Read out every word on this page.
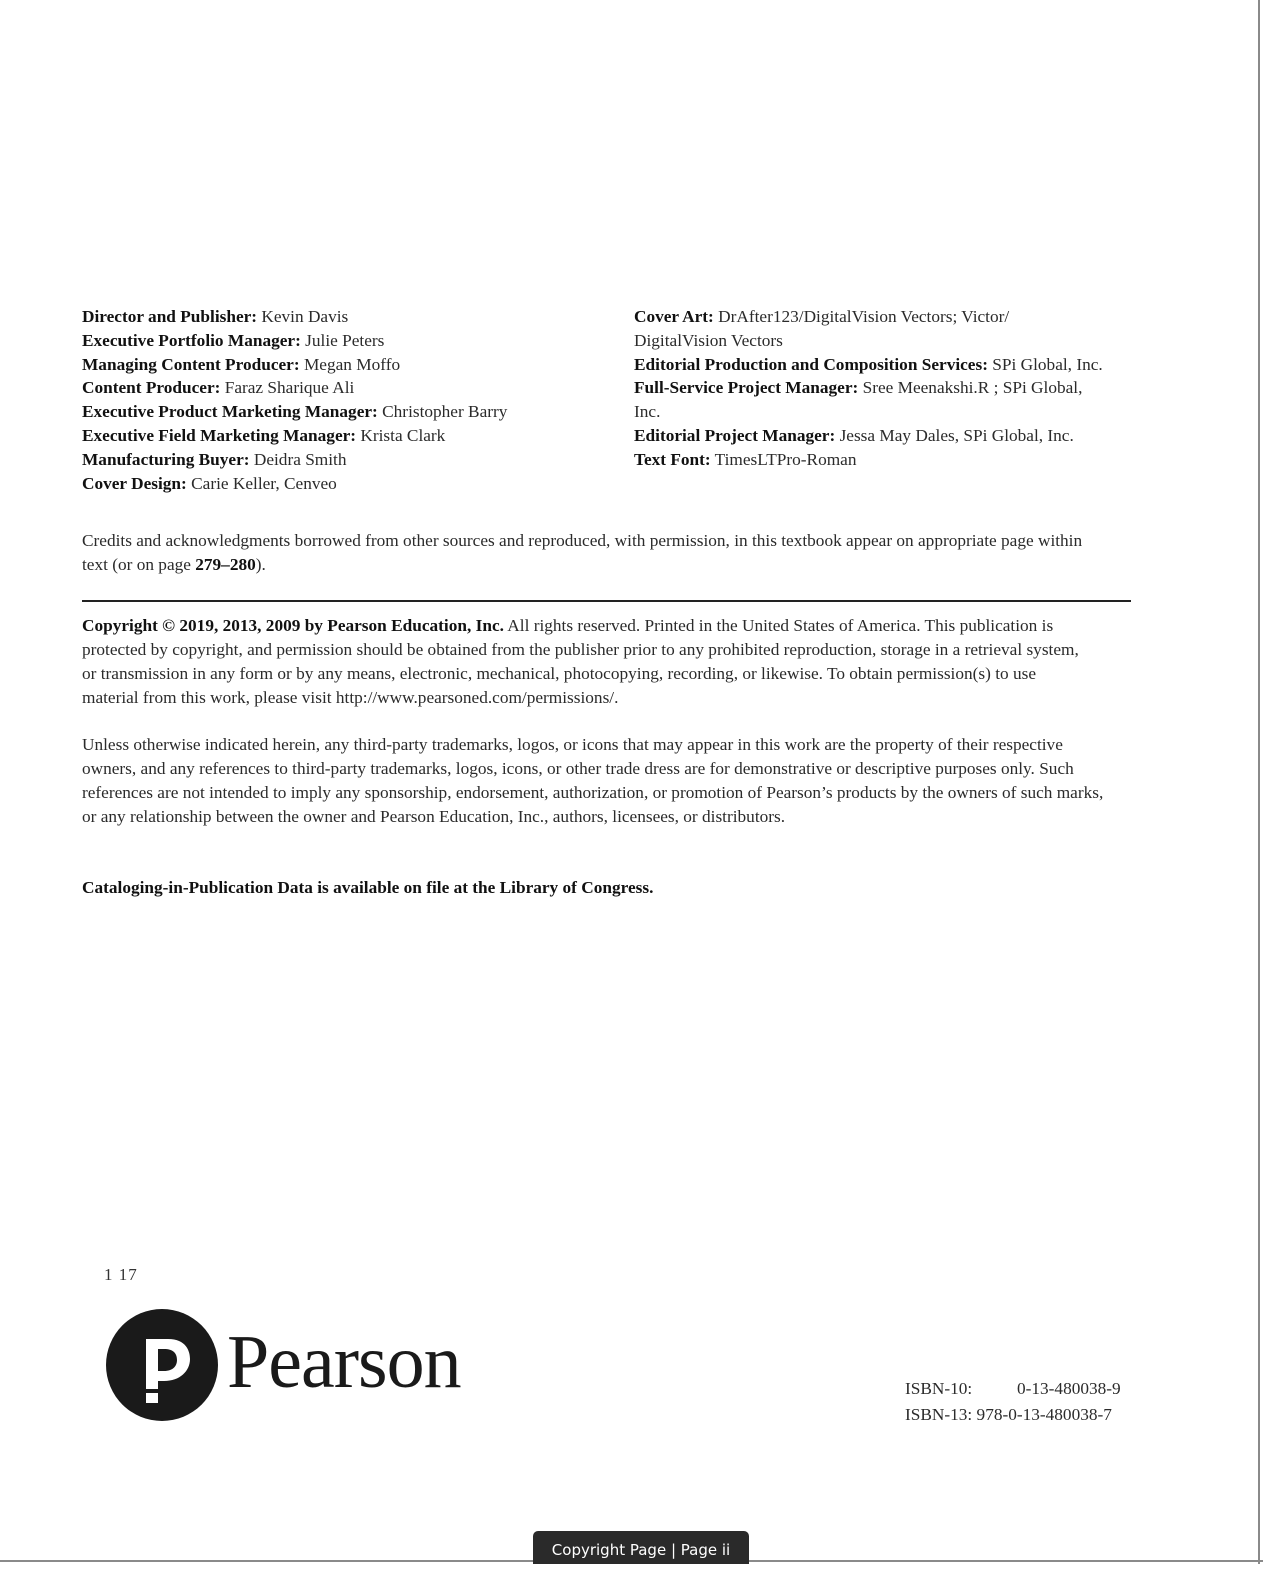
Director and Publisher: Kevin Davis
Executive Portfolio Manager: Julie Peters
Managing Content Producer: Megan Moffo
Content Producer: Faraz Sharique Ali
Executive Product Marketing Manager: Christopher Barry
Executive Field Marketing Manager: Krista Clark
Manufacturing Buyer: Deidra Smith
Cover Design: Carie Keller, Cenveo
Cover Art: DrAfter123/DigitalVision Vectors; Victor/ DigitalVision Vectors
Editorial Production and Composition Services: SPi Global, Inc.
Full-Service Project Manager: Sree Meenakshi.R ; SPi Global, Inc.
Editorial Project Manager: Jessa May Dales, SPi Global, Inc.
Text Font: TimesLTPro-Roman
Credits and acknowledgments borrowed from other sources and reproduced, with permission, in this textbook appear on appropriate page within text (or on page 279–280).
Copyright © 2019, 2013, 2009 by Pearson Education, Inc. All rights reserved. Printed in the United States of America. This publication is protected by copyright, and permission should be obtained from the publisher prior to any prohibited reproduction, storage in a retrieval system, or transmission in any form or by any means, electronic, mechanical, photocopying, recording, or likewise. To obtain permission(s) to use material from this work, please visit http://www.pearsoned.com/permissions/.
Unless otherwise indicated herein, any third-party trademarks, logos, or icons that may appear in this work are the property of their respective owners, and any references to third-party trademarks, logos, icons, or other trade dress are for demonstrative or descriptive purposes only. Such references are not intended to imply any sponsorship, endorsement, authorization, or promotion of Pearson’s products by the owners of such marks, or any relationship between the owner and Pearson Education, Inc., authors, licensees, or distributors.
Cataloging-in-Publication Data is available on file at the Library of Congress.
1 17
Pearson	ISBN-10:	0-13-480038-9
ISBN-13:
978-0-13-480038-7
Copyright Page | Page ii
